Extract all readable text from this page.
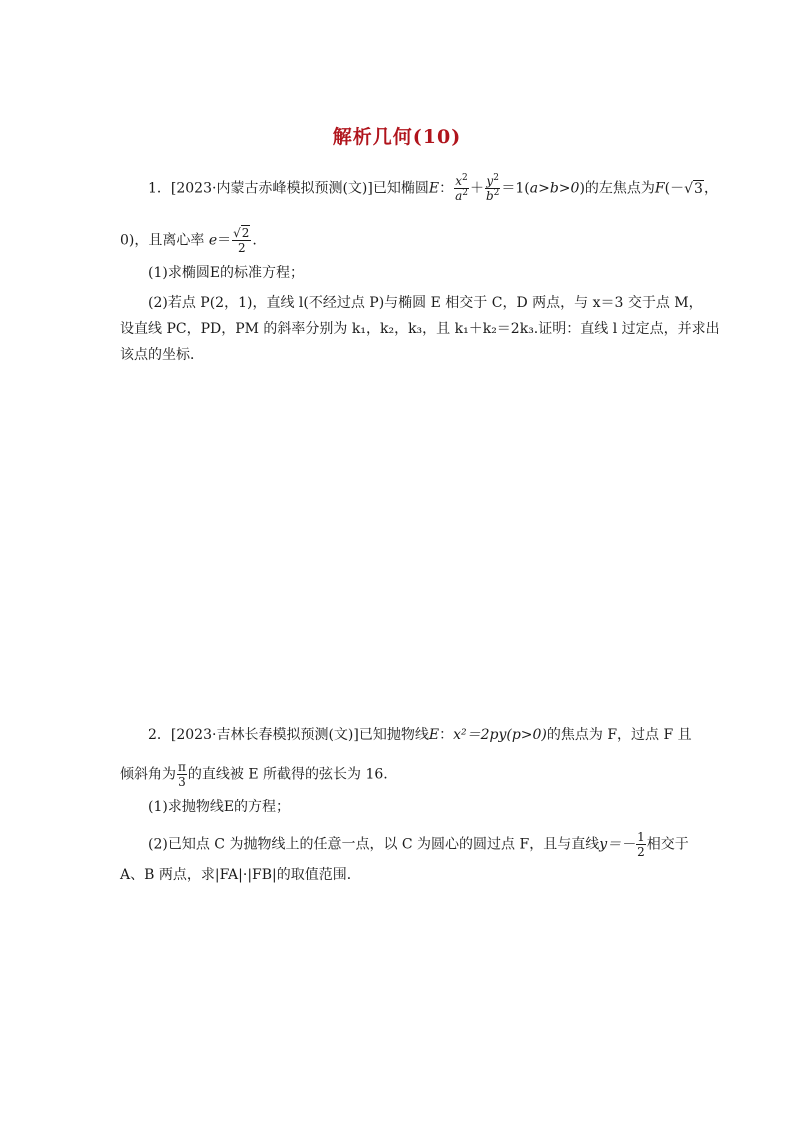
解析几何(10)
1．[2023·内蒙古赤峰模拟预测(文)]已知椭圆E： $\frac{x^2}{a^2} + \frac{y^2}{b^2} =1(a>b>0)$的左焦点为F(－√3，
0)，且离心率 $e= \frac{√2}{2}$ .
(1)求椭圆E的标准方程；
(2)若点 P(2，1)，直线 l(不经过点 P)与椭圆 E 相交于 C，D 两点，与 x＝3 交于点 M，
设直线 PC，PD，PM 的斜率分别为 k₁，k₂，k₃，且 k₁＋k₂＝2k₃.证明：直线 l 过定点，并求出
该点的坐标．
2．[2023·吉林长春模拟预测(文)]已知抛物线E：x²＝2py(p>0)的焦点为 F，过点 F 且
倾斜角为 $\frac{\pi}{3}$ 的直线被 E 所截得的弦长为 16.
(1)求抛物线E的方程；
(2)已知点 C 为抛物线上的任意一点，以 C 为圆心的圆过点 F，且与直线$y=- \frac{1}{2}$ 相交于
A、B 两点，求|FA|·|FB|的取值范围．
